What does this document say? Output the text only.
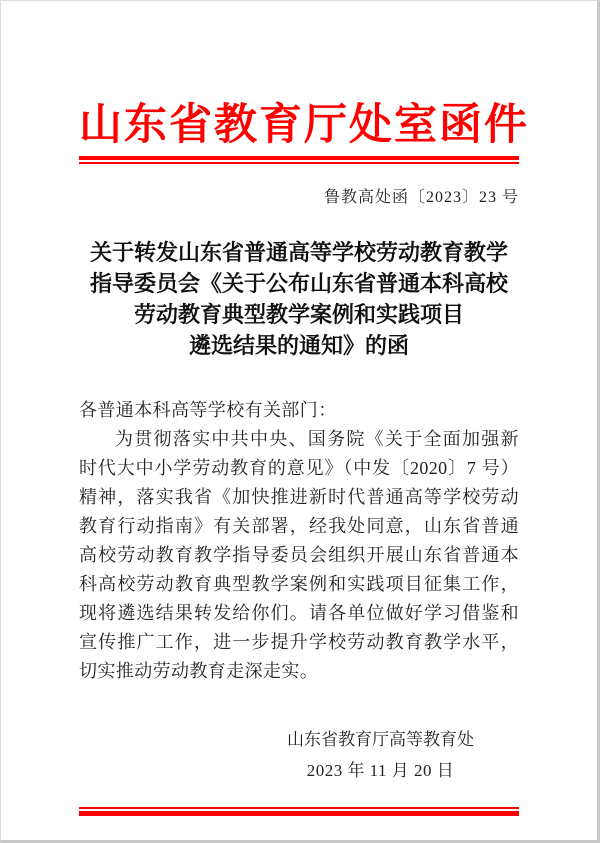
山东省教育厅处室函件
鲁教高处函〔2023〕23 号
关于转发山东省普通高等学校劳动教育教学
指导委员会《关于公布山东省普通本科高校
劳动教育典型教学案例和实践项目
遴选结果的通知》的函
各普通本科高等学校有关部门：
为贯彻落实中共中央、国务院《关于全面加强新时代大中小学劳动教育的意见》（中发〔2020〕7 号）精神，落实我省《加快推进新时代普通高等学校劳动教育行动指南》有关部署，经我处同意，山东省普通高校劳动教育教学指导委员会组织开展山东省普通本科高校劳动教育典型教学案例和实践项目征集工作，现将遴选结果转发给你们。请各单位做好学习借鉴和宣传推广工作，进一步提升学校劳动教育教学水平，切实推动劳动教育走深走实。
山东省教育厅高等教育处
2023 年 11 月 20 日
